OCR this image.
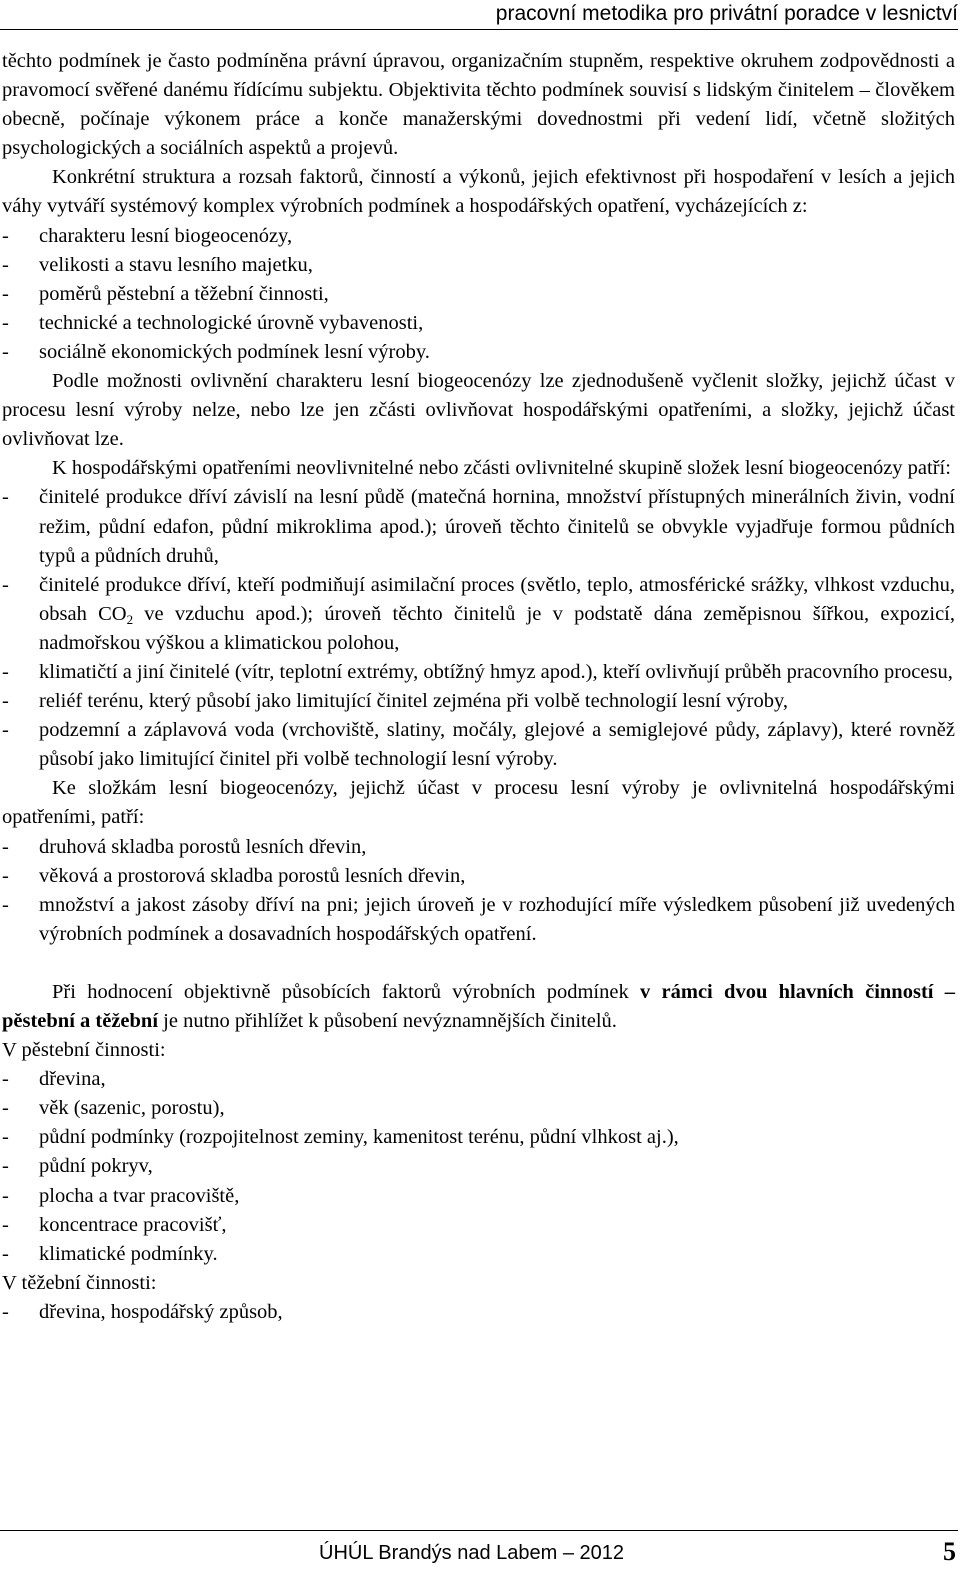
pracovní metodika pro privátní poradce v lesnictví

těchto podmínek je často podmíněna právní úpravou, organizačním stupněm, respektive okruhem zodpovědnosti a pravomocí svěřené danému řídícímu subjektu. Objektivita těchto podmínek souvisí s lidským činitelem – člověkem obecně, počínaje výkonem práce a konče manažerskými dovednostmi při vedení lidí, včetně složitých psychologických a sociálních aspektů a projevů.

Konkrétní struktura a rozsah faktorů, činností a výkonů, jejich efektivnost při hospodaření v lesích a jejich váhy vytváří systémový komplex výrobních podmínek a hospodářských opatření, vycházejících z:

- charakteru lesní biogeocenózy,
- velikosti a stavu lesního majetku,
- poměrů pěstební a těžební činnosti,
- technické a technologické úrovně vybavenosti,
- sociálně ekonomických podmínek lesní výroby.

Podle možnosti ovlivnění charakteru lesní biogeocenózy lze zjednodušeně vyčlenit složky, jejichž účast v procesu lesní výroby nelze, nebo lze jen zčásti ovlivňovat hospodářskými opatřeními, a složky, jejichž účast ovlivňovat lze.

K hospodářskými opatřeními neovlivnitelné nebo zčásti ovlivnitelné skupině složek lesní biogeocenózy patří:

- činitelé produkce dříví závislí na lesní půdě (matečná hornina, množství přístupných minerálních živin, vodní režim, půdní edafon, půdní mikroklima apod.); úroveň těchto činitelů se obvykle vyjadřuje formou půdních typů a půdních druhů,
- činitelé produkce dříví, kteří podmiňují asimilační proces (světlo, teplo, atmosférické srážky, vlhkost vzduchu, obsah $CO_2$ ve vzduchu apod.); úroveň těchto činitelů je v podstatě dána zeměpisnou šířkou, expozicí, nadmořskou výškou a klimatickou polohou,
- klimatičtí a jiní činitelé (vítr, teplotní extrémy, obtížný hmyz apod.), kteří ovlivňují průběh pracovního procesu,
- reliéf terénu, který působí jako limitující činitel zejména při volbě technologií lesní výroby,
- podzemní a záplavová voda (vrchoviště, slatiny, močály, glejové a semiglejové půdy, záplavy), které rovněž působí jako limitující činitel při volbě technologií lesní výroby.

Ke složkám lesní biogeocenózy, jejichž účast v procesu lesní výroby je ovlivnitelná hospodářskými opatřeními, patří:

- druhová skladba porostů lesních dřevin,
- věková a prostorová skladba porostů lesních dřevin,
- množství a jakost zásoby dříví na pni; jejich úroveň je v rozhodující míře výsledkem působení již uvedených výrobních podmínek a dosavadních hospodářských opatření.

Při hodnocení objektivně působících faktorů výrobních podmínek v rámci dvou hlavních činností – pěstební a těžební je nutno přihlížet k působení nevýznamnějších činitelů.

V pěstební činnosti:

- dřevina,
- věk (sazenic, porostu),
- půdní podmínky (rozpojitelnost zeminy, kamenitost terénu, půdní vlhkost aj.),
- půdní pokryv,
- plocha a tvar pracoviště,
- koncentrace pracovišť,
- klimatické podmínky.

V těžební činnosti:

- dřevina, hospodářský způsob,
ÚHÚL Brandýs nad Labem – 2012	5
